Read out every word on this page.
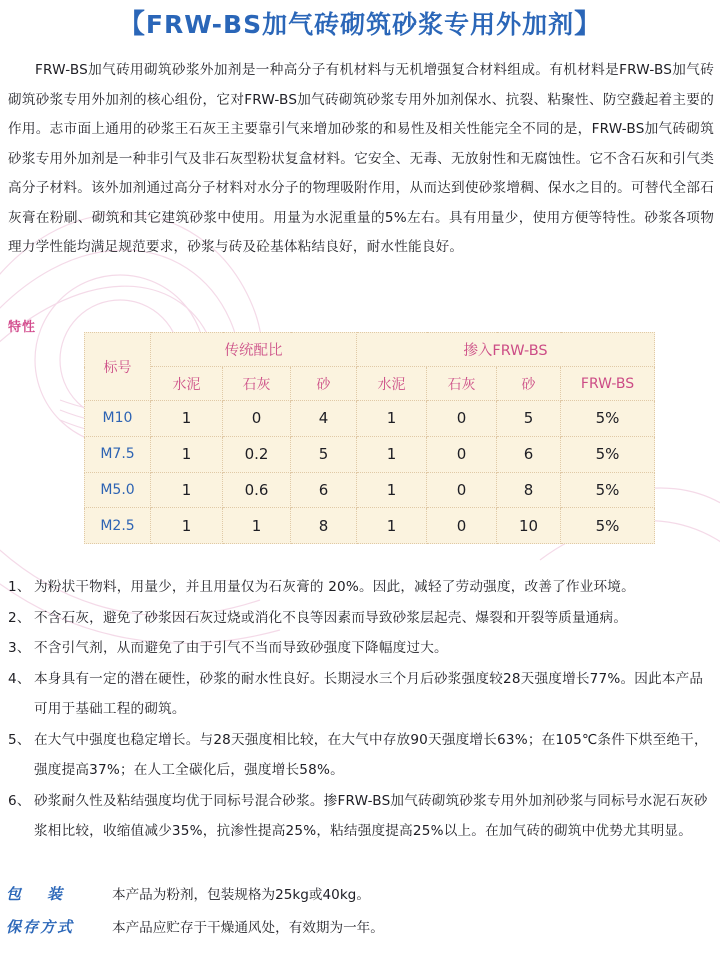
【FRW-BS加气砖砌筑砂浆专用外加剂】

FRW-BS加气砖用砌筑砂浆外加剂是一种高分子有机材料与无机增强复合材料组成。有机材料是FRW-BS加气砖砌筑砂浆专用外加剂的核心组份，它对FRW-BS加气砖砌筑砂浆专用外加剂保水、抗裂、粘聚性、防空鼗起着主要的作用。志市面上通用的砂浆王石灰王主要靠引气来增加砂浆的和易性及相关性能完全不同的是，FRW-BS加气砖砌筑砂浆专用外加剂是一种非引气及非石灰型粉状复盒材料。它安全、无毒、无放射性和无腐蚀性。它不含石灰和引气类高分子材料。该外加剂通过高分子材料对水分子的物理吸附作用，从而达到使砂浆增稠、保水之目的。可替代全部石灰膏在粉刷、砌筑和其它建筑砂浆中使用。用量为水泥重量的5%左右。具有用量少，使用方便等特性。砂浆各项物理力学性能均满足规范要求，砂浆与砖及砼基体粘结良好，耐水性能良好。

特性
标号	传统配比			掺入FRW-BS			
	水泥	石灰	砂	水泥	石灰	砂	FRW-BS
M10	1	0	4	1	0	5	5%
M7.5	1	0.2	5	1	0	6	5%
M5.0	1	0.6	6	1	0	8	5%
M2.5	1	1	8	1	0	10	5%
1、 为粉状干物料，用量少，并且用量仅为石灰膏的 20%。因此，减轻了劳动强度，改善了作业环境。
2、 不含石灰，避免了砂浆因石灰过烧或消化不良等因素而导致砂浆层起壳、爆裂和开裂等质量通病。
3、 不含引气剂，从而避免了由于引气不当而导致砂强度下降幅度过大。
4、 本身具有一定的潜在硬性，砂浆的耐水性良好。长期浸水三个月后砂浆强度较28天强度增长77%。因此本产品可用于基础工程的砌筑。
5、 在大气中强度也稳定增长。与28天强度相比较，在大气中存放90天强度增长63%；在105℃条件下烘至绝干，强度提高37%；在人工全碳化后，强度增长58%。
6、 砂浆耐久性及粘结强度均优于同标号混合砂浆。掺FRW-BS加气砖砌筑砂浆专用外加剂砂浆与同标号水泥石灰砂浆相比较，收缩值减少35%，抗渗性提高25%，粘结强度提高25%以上。在加气砖的砌筑中优势尤其明显。
包装 本产品为粉剂，包装规格为25kg或40kg。
保存方式	本产品应贮存于干燥通风处，有效期为一年。
